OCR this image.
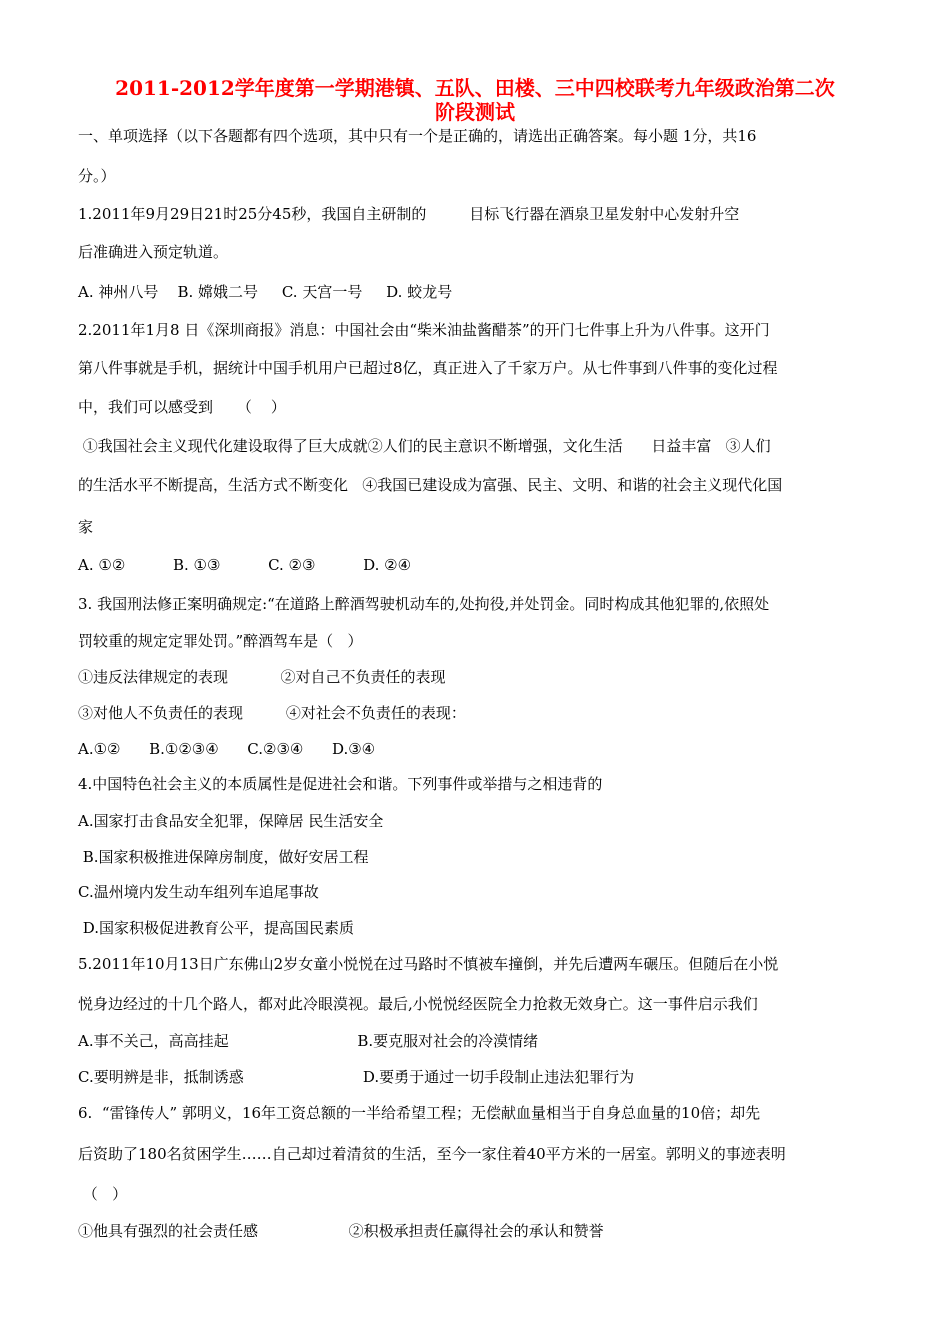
2011-2012学年度第一学期港镇、五队、田楼、三中四校联考九年级政治第二次
阶段测试
一、单项选择（以下各题都有四个选项，其中只有一个是正确的，请选出正确答案。每小题 1分，共16
分。）
1.2011年9月29日21时25分45秒，我国自主研制的         目标飞行器在酒泉卫星发射中心发射升空
后准确进入预定轨道。
A. 神州八号    B. 嫦娥二号     C. 天宫一号     D. 蛟龙号
2.2011年1月8 日《深圳商报》消息：中国社会由“柴米油盐酱醋茶”的开门七件事上升为八件事。这开门
第八件事就是手机，据统计中国手机用户已超过8亿，真正进入了千家万户。从七件事到八件事的变化过程
中，我们可以感受到     （    ）
①我国社会主义现代化建设取得了巨大成就②人们的民主意识不断增强，文化生活      日益丰富   ③人们
的生活水平不断提高，生活方式不断变化   ④我国已建设成为富强、民主、文明、和谐的社会主义现代化国
家
A. ①②          B. ①③          C. ②③          D. ②④
3. 我国刑法修正案明确规定:“在道路上醉酒驾驶机动车的,处拘役,并处罚金。同时构成其他犯罪的,依照处
罚较重的规定定罪处罚。”醉酒驾车是（   ）
①违反法律规定的表现           ②对自己不负责任的表现
③对他人不负责任的表现         ④对社会不负责任的表现：
A.①②      B.①②③④      C.②③④      D.③④
4.中国特色社会主义的本质属性是促进社会和谐。下列事件或举措与之相违背的
A.国家打击食品安全犯罪，保障居 民生活安全
B.国家积极推进保障房制度，做好安居工程
C.温州境内发生动车组列车追尾事故
D.国家积极促进教育公平，提高国民素质
5.2011年10月13日广东佛山2岁女童小悦悦在过马路时不慎被车撞倒，并先后遭两车碾压。但随后在小悦
悦身边经过的十几个路人，都对此冷眼漠视。最后,小悦悦经医院全力抢救无效身亡。这一事件启示我们
A.事不关己，高高挂起                           B.要克服对社会的冷漠情绪
C.要明辨是非，抵制诱惑                         D.要勇于通过一切手段制止违法犯罪行为
6.  “雷锋传人” 郭明义，16年工资总额的一半给希望工程；无偿献血量相当于自身总血量的10倍；却先
后资助了180名贫困学生……自己却过着清贫的生活，至今一家住着40平方米的一居室。郭明义的事迹表明
（   ）
①他具有强烈的社会责任感                   ②积极承担责任赢得社会的承认和赞誉
